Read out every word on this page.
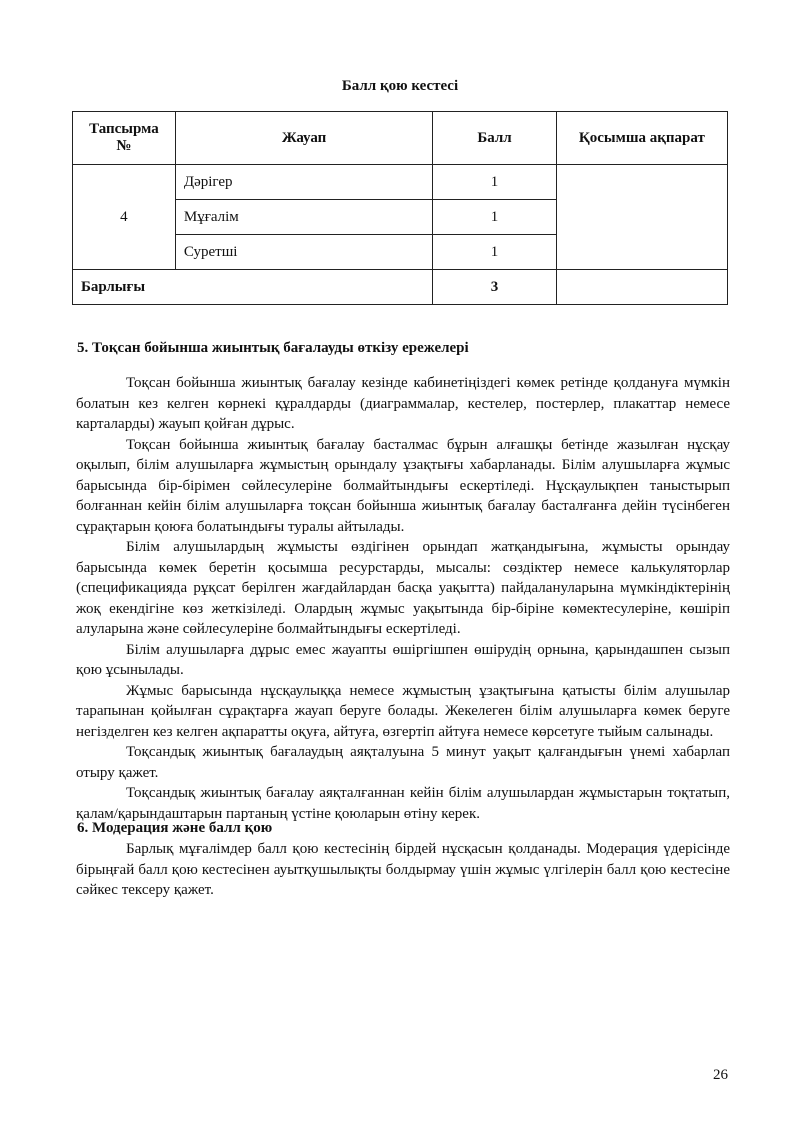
Балл қою кестесі
Тапсырма №	Жауап	Балл	Қосымша ақпарат
4	Дәрігер	1	
	Мұғалім	1	
	Суретші	1	
Барлығы		3	
5. Тоқсан бойынша жиынтық бағалауды өткізу ережелері

Тоқсан бойынша жиынтық бағалау кезінде кабинетіңіздегі көмек ретінде қолдануға мүмкін болатын кез келген көрнекі құралдарды (диаграммалар, кестелер, постерлер, плакаттар немесе карталарды) жауып қойған дұрыс.

Тоқсан бойынша жиынтық бағалау басталмас бұрын алғашқы бетінде жазылған нұсқау оқылып, білім алушыларға жұмыстың орындалу ұзақтығы хабарланады. Білім алушыларға жұмыс барысында бір-бірімен сөйлесулеріне болмайтындығы ескертіледі. Нұсқаулықпен таныстырып болғаннан кейін білім алушыларға тоқсан бойынша жиынтық бағалау басталғанға дейін түсінбеген сұрақтарын қоюға болатындығы туралы айтылады.

Білім алушылардың жұмысты өздігінен орындап жатқандығына, жұмысты орындау барысында көмек беретін қосымша ресурстарды, мысалы: сөздіктер немесе калькуляторлар (спецификацияда рұқсат берілген жағдайлардан басқа уақытта) пайдалануларына мүмкіндіктерінің жоқ екендігіне көз жеткізіледі. Олардың жұмыс уақытында бір-біріне көмектесулеріне, көшіріп алуларына және сөйлесулеріне болмайтындығы ескертіледі.

Білім алушыларға дұрыс емес жауапты өшіргішпен өшірудің орнына, қарындашпен сызып қою ұсынылады.

Жұмыс барысында нұсқаулыққа немесе жұмыстың ұзақтығына қатысты білім алушылар тарапынан қойылған сұрақтарға жауап беруге болады. Жекелеген білім алушыларға көмек беруге негізделген кез келген ақпаратты оқуға, айтуға, өзгертіп айтуға немесе көрсетуге тыйым салынады.

Тоқсандық жиынтық бағалаудың аяқталуына 5 минут уақыт қалғандығын үнемі хабарлап отыру қажет.

Тоқсандық жиынтық бағалау аяқталғаннан кейін білім алушылардан жұмыстарын тоқтатып, қалам/қарындаштарын партаның үстіне қоюларын өтіну керек.

6. Модерация және балл қою

Барлық мұғалімдер балл қою кестесінің бірдей нұсқасын қолданады. Модерация үдерісінде бірыңғай балл қою кестесінен ауытқушылықты болдырмау үшін жұмыс үлгілерін балл қою кестесіне сәйкес тексеру қажет.

26
